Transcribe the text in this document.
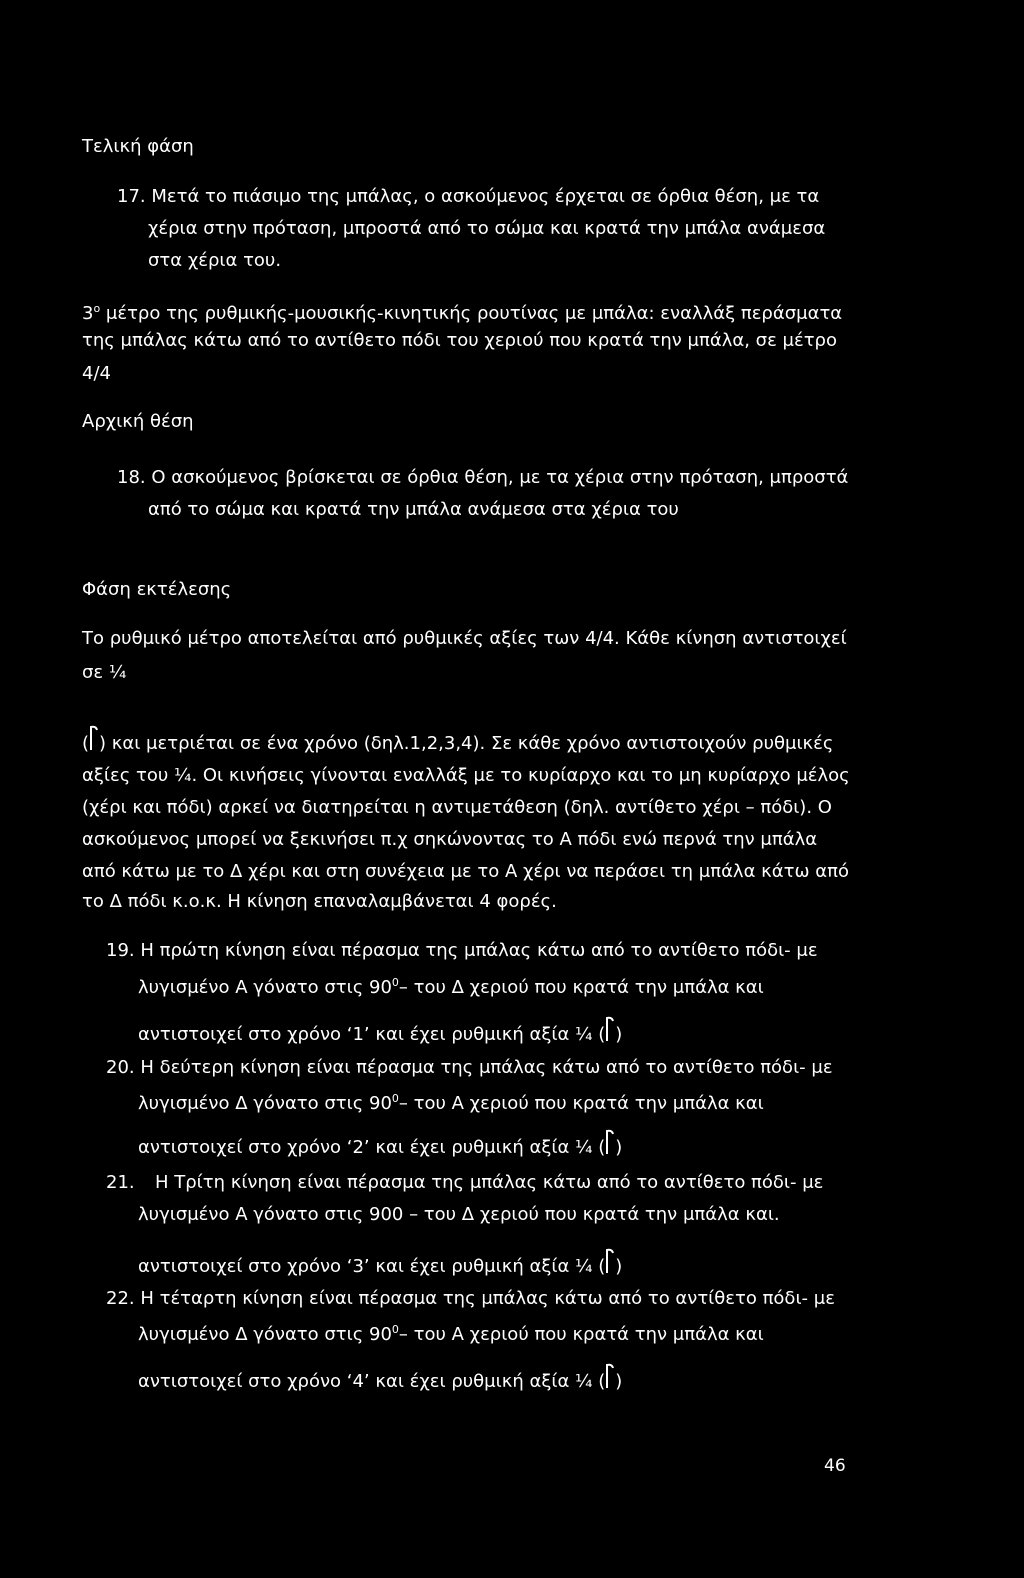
Τελική φάση
17. Μετά το πιάσιμο της μπάλας, ο ασκούμενος έρχεται σε όρθια θέση, με τα
χέρια στην πρόταση, μπροστά από το σώμα και κρατά την μπάλα ανάμεσα
στα χέρια του.
$3^o$ μέτρο της ρυθμικής-μουσικής-κινητικής ρουτίνας με μπάλα: εναλλάξ περάσματα
της μπάλας κάτω από το αντίθετο πόδι του χεριού που κρατά την μπάλα, σε μέτρο
4/4
Αρχική θέση
18. Ο ασκούμενος βρίσκεται σε όρθια θέση, με τα χέρια στην πρόταση, μπροστά
από το σώμα και κρατά την μπάλα ανάμεσα στα χέρια του
Φάση εκτέλεσης
Το ρυθμικό μέτρο αποτελείται από ρυθμικές αξίες των 4/4. Κάθε κίνηση αντιστοιχεί
σε ¼
( ) και μετριέται σε ένα χρόνο (δηλ.1,2,3,4). Σε κάθε χρόνο αντιστοιχούν ρυθμικές
αξίες του ¼. Οι κινήσεις γίνονται εναλλάξ με το κυρίαρχο και το μη κυρίαρχο μέλος
(χέρι και πόδι) αρκεί να διατηρείται η αντιμετάθεση (δηλ. αντίθετο χέρι – πόδι). Ο
ασκούμενος μπορεί να ξεκινήσει π.χ σηκώνοντας το Α πόδι ενώ περνά την μπάλα
από κάτω με το Δ χέρι και στη συνέχεια με το Α χέρι να περάσει τη μπάλα κάτω από
το Δ πόδι κ.ο.κ. Η κίνηση επαναλαμβάνεται 4 φορές.
19. Η πρώτη κίνηση είναι πέρασμα της μπάλας κάτω από το αντίθετο πόδι- με
λυγισμένο Α γόνατο στις $90^0-$ του Δ χεριού που κρατά την μπάλα και
αντιστοιχεί στο χρόνο ‘1’ και έχει ρυθμική αξία ¼ ( )
20. Η δεύτερη κίνηση είναι πέρασμα της μπάλας κάτω από το αντίθετο πόδι- με
λυγισμένο Δ γόνατο στις $90^0-$ του Α χεριού που κρατά την μπάλα και
αντιστοιχεί στο χρόνο ‘2’ και έχει ρυθμική αξία ¼ ( )
21. Η Τρίτη κίνηση είναι πέρασμα της μπάλας κάτω από το αντίθετο πόδι- με
λυγισμένο Α γόνατο στις 900 – του Δ χεριού που κρατά την μπάλα και.
αντιστοιχεί στο χρόνο ‘3’ και έχει ρυθμική αξία ¼ ( )
22. Η τέταρτη κίνηση είναι πέρασμα της μπάλας κάτω από το αντίθετο πόδι- με
λυγισμένο Δ γόνατο στις $90^0-$ του Α χεριού που κρατά την μπάλα και
αντιστοιχεί στο χρόνο ‘4’ και έχει ρυθμική αξία ¼ ( )
46
